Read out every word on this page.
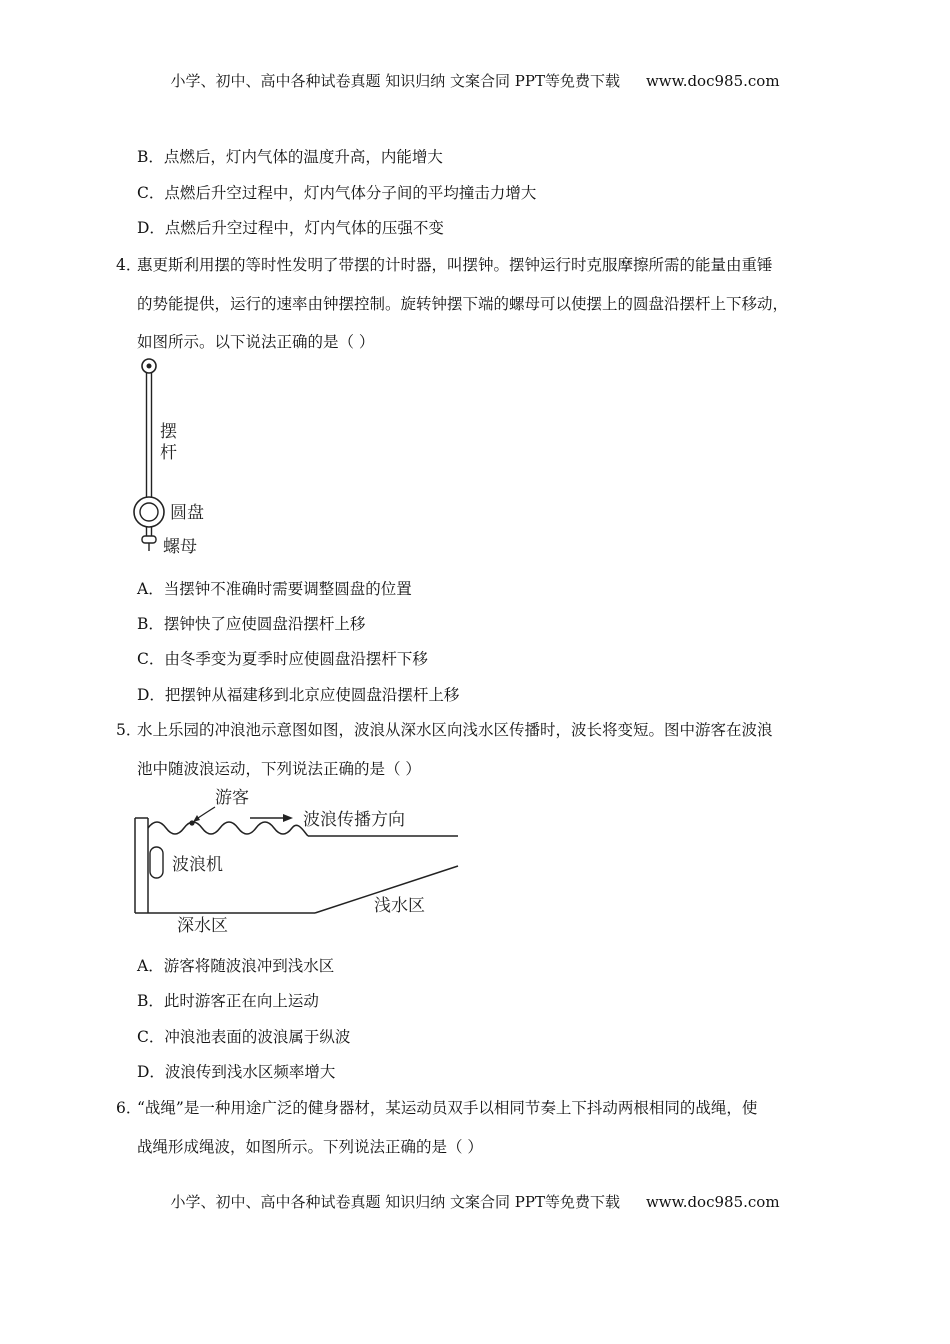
小学、初中、高中各种试卷真题 知识归纳 文案合同 PPT等免费下载 www.doc985.com
B．点燃后，灯内气体的温度升高，内能增大
C．点燃后升空过程中，灯内气体分子间的平均撞击力增大
D．点燃后升空过程中，灯内气体的压强不变
4．
惠更斯利用摆的等时性发明了带摆的计时器，叫摆钟。摆钟运行时克服摩擦所需的能量由重锤
的势能提供，运行的速率由钟摆控制。旋转钟摆下端的螺母可以使摆上的圆盘沿摆杆上下移动，
如图所示。以下说法正确的是（ ）
摆
杆
圆盘
螺母
A．当摆钟不准确时需要调整圆盘的位置
B．摆钟快了应使圆盘沿摆杆上移
C．由冬季变为夏季时应使圆盘沿摆杆下移
D．把摆钟从福建移到北京应使圆盘沿摆杆上移
5．
水上乐园的冲浪池示意图如图，波浪从深水区向浅水区传播时，波长将变短。图中游客在波浪
池中随波浪运动，下列说法正确的是（ ）
游客
波浪传播方向
波浪机
深水区
浅水区
A．游客将随波浪冲到浅水区
B．此时游客正在向上运动
C．冲浪池表面的波浪属于纵波
D．波浪传到浅水区频率增大
6．
“战绳”是一种用途广泛的健身器材，某运动员双手以相同节奏上下抖动两根相同的战绳，使
战绳形成绳波，如图所示。下列说法正确的是（ ）
小学、初中、高中各种试卷真题 知识归纳 文案合同 PPT等免费下载 www.doc985.com
